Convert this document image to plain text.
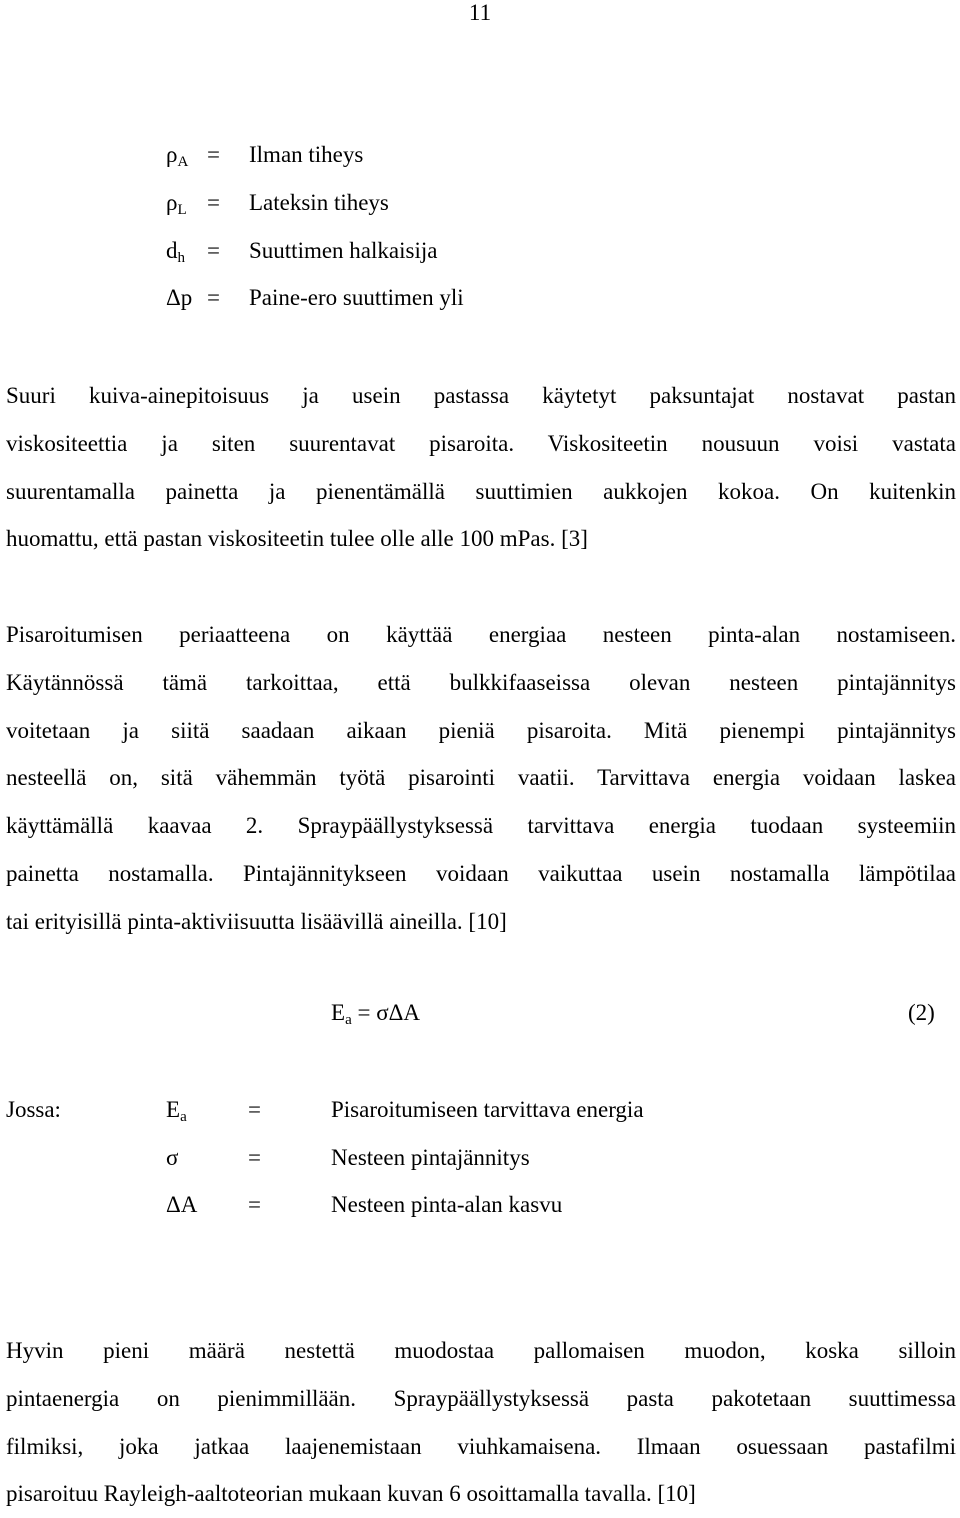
11
$\rho_A$ = Ilman tiheys
$\rho_L$ = Lateksin tiheys
$d_h$ = Suuttimen halkaisija
Δp = Paine-ero suuttimen yli
Suuri kuiva-ainepitoisuus ja usein pastassa käytetyt paksuntajat nostavat pastan
viskositeettia ja siten suurentavat pisaroita. Viskositeetin nousuun voisi vastata
suurentamalla painetta ja pienentämällä suuttimien aukkojen kokoa. On kuitenkin
huomattu, että pastan viskositeetin tulee olle alle 100 mPas. [3]
Pisaroitumisen periaatteena on käyttää energiaa nesteen pinta-alan nostamiseen.
Käytännössä tämä tarkoittaa, että bulkkifaaseissa olevan nesteen pintajännitys
voitetaan ja siitä saadaan aikaan pieniä pisaroita. Mitä pienempi pintajännitys
nesteellä on, sitä vähemmän työtä pisarointi vaatii. Tarvittava energia voidaan laskea
käyttämällä kaavaa 2. Spraypäällystyksessä tarvittava energia tuodaan systeemiin
painetta nostamalla. Pintajännitykseen voidaan vaikuttaa usein nostamalla lämpötilaa
tai erityisillä pinta-aktiviisuutta lisäävillä aineilla. [10]
$E_a = \sigma\Delta A$	(2)
Jossa:	$E_a$	=	Pisaroitumiseen tarvittava energia
σ	=	Nesteen pintajännitys
ΔA =	Nesteen pinta-alan kasvu
Hyvin pieni määrä nestettä muodostaa pallomaisen muodon, koska silloin
pintaenergia on pienimmillään. Spraypäällystyksessä pasta pakotetaan suuttimessa
filmiksi, joka jatkaa laajenemistaan viuhkamaisena. Ilmaan osuessaan pastafilmi
pisaroituu Rayleigh-aaltoteorian mukaan kuvan 6 osoittamalla tavalla. [10]
